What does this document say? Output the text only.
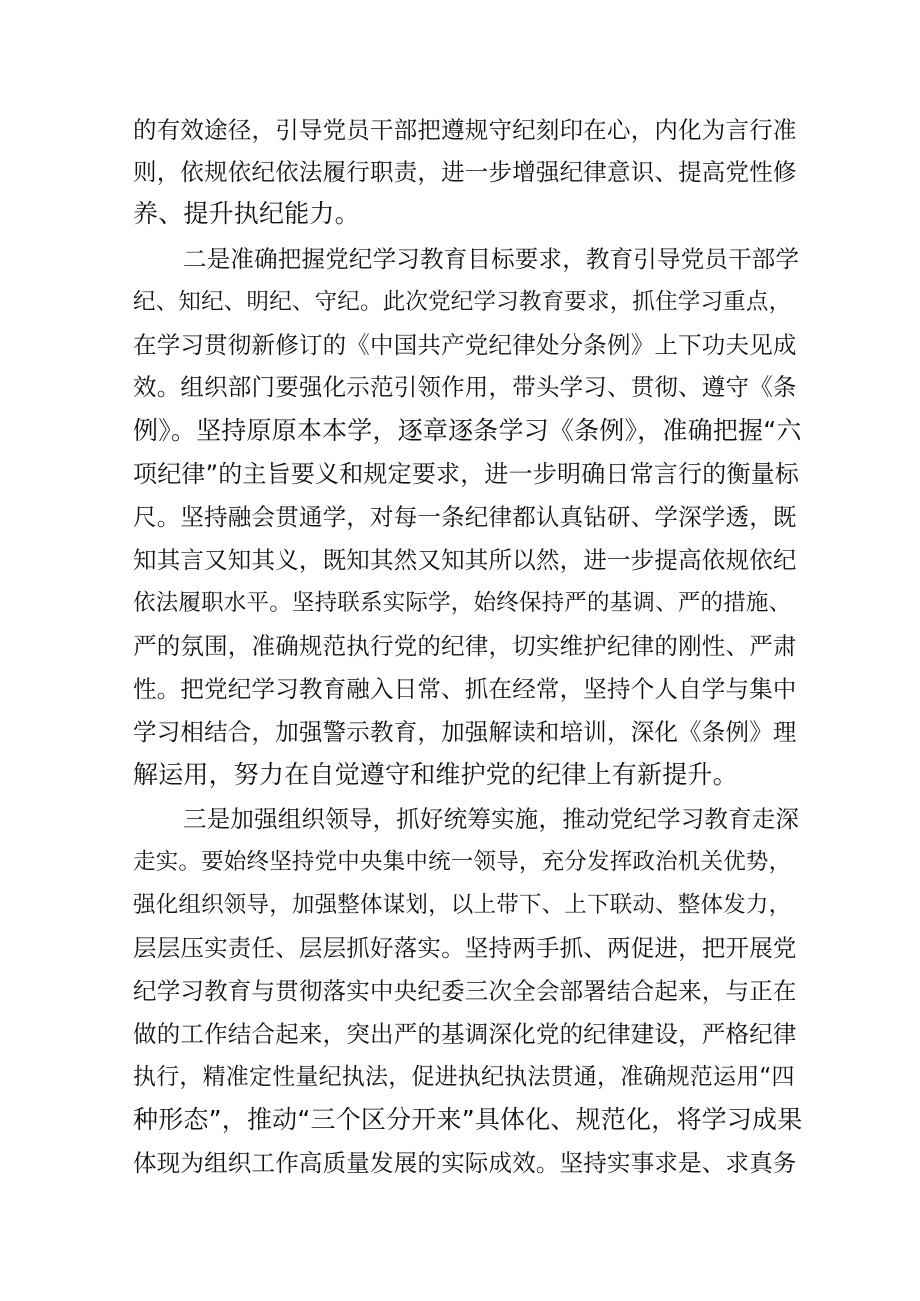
的有效途径，引导党员干部把遵规守纪刻印在心，内化为言行准
则，依规依纪依法履行职责，进一步增强纪律意识、提高党性修
养、提升执纪能力。
二是准确把握党纪学习教育目标要求，教育引导党员干部学
纪、知纪、明纪、守纪。此次党纪学习教育要求，抓住学习重点，
在学习贯彻新修订的《中国共产党纪律处分条例》上下功夫见成
效。组织部门要强化示范引领作用，带头学习、贯彻、遵守《条
例》。坚持原原本本学，逐章逐条学习《条例》，准确把握“六
项纪律”的主旨要义和规定要求，进一步明确日常言行的衡量标
尺。坚持融会贯通学，对每一条纪律都认真钻研、学深学透，既
知其言又知其义，既知其然又知其所以然，进一步提高依规依纪
依法履职水平。坚持联系实际学，始终保持严的基调、严的措施、
严的氛围，准确规范执行党的纪律，切实维护纪律的刚性、严肃
性。把党纪学习教育融入日常、抓在经常，坚持个人自学与集中
学习相结合，加强警示教育，加强解读和培训，深化《条例》理
解运用，努力在自觉遵守和维护党的纪律上有新提升。
三是加强组织领导，抓好统筹实施，推动党纪学习教育走深
走实。要始终坚持党中央集中统一领导，充分发挥政治机关优势，
强化组织领导，加强整体谋划，以上带下、上下联动、整体发力，
层层压实责任、层层抓好落实。坚持两手抓、两促进，把开展党
纪学习教育与贯彻落实中央纪委三次全会部署结合起来，与正在
做的工作结合起来，突出严的基调深化党的纪律建设，严格纪律
执行，精准定性量纪执法，促进执纪执法贯通，准确规范运用“四
种形态”，推动“三个区分开来”具体化、规范化，将学习成果
体现为组织工作高质量发展的实际成效。坚持实事求是、求真务
